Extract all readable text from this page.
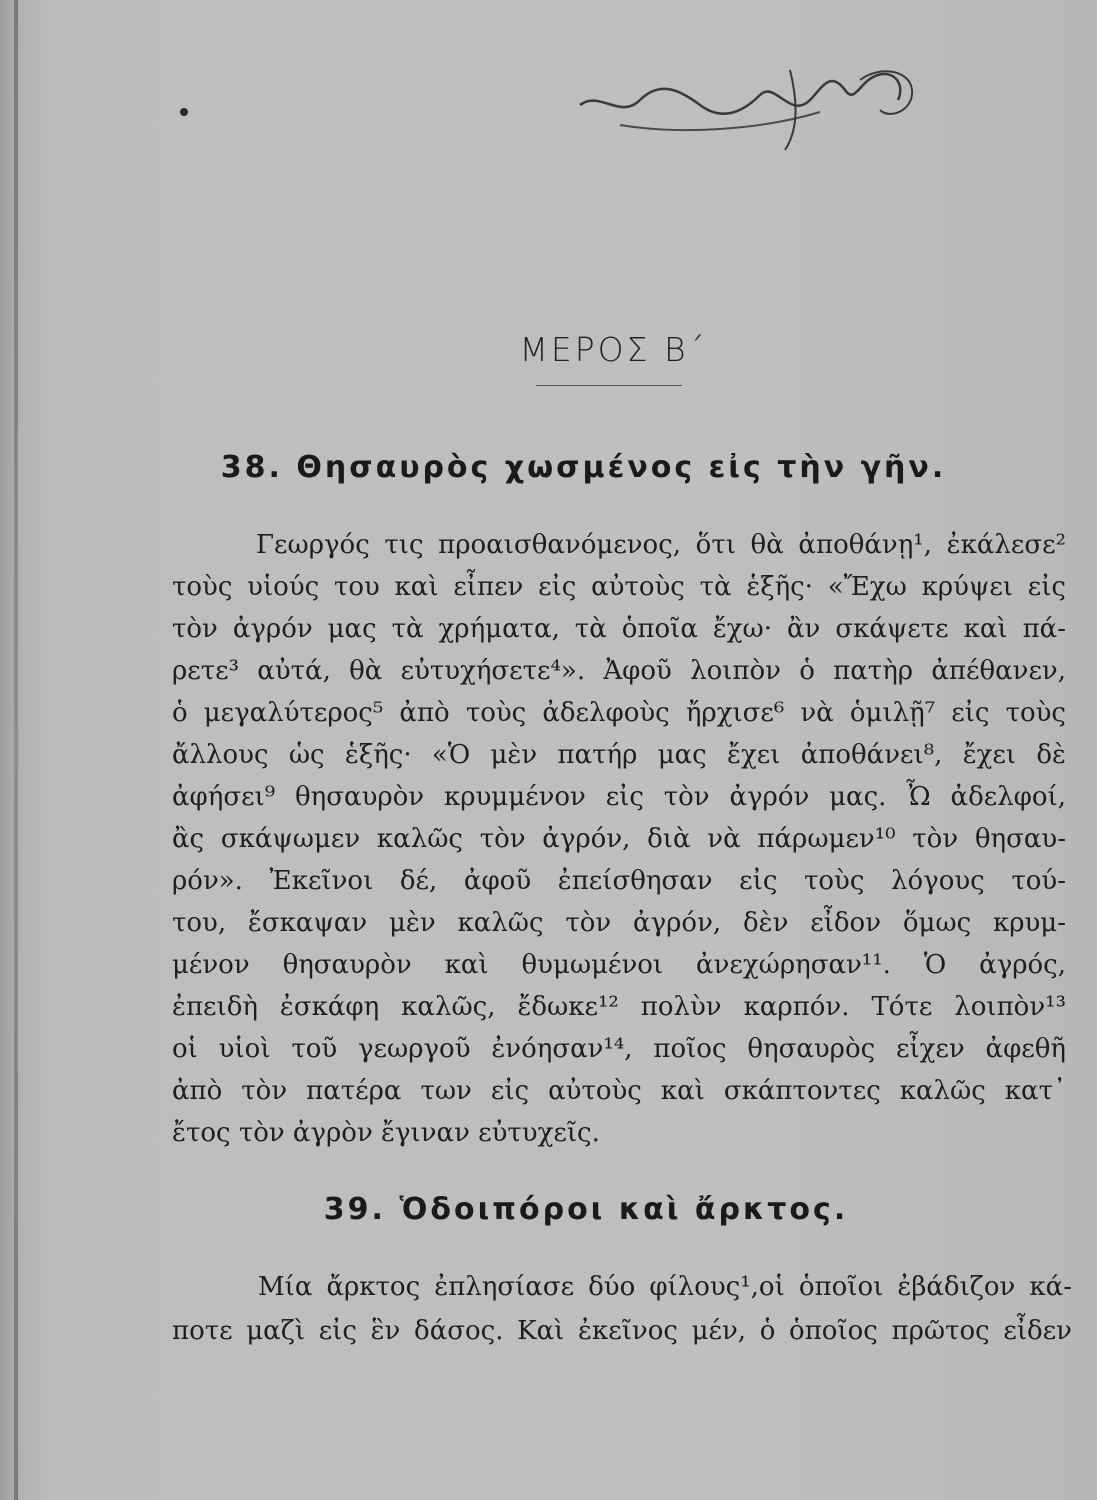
ΜΕΡΟΣ Β΄
38. Θησαυρὸς χωσμένος εἰς τὴν γῆν.
Γεωργός τις προαισθανόμενος, ὅτι θὰ ἀποθάνῃ¹, ἐκάλεσε²
τοὺς υἱούς του καὶ εἶπεν εἰς αὐτοὺς τὰ ἑξῆς· «Ἔχω κρύψει εἰς
τὸν ἀγρόν μας τὰ χρήματα, τὰ ὁποῖα ἔχω· ἂν σκάψετε καὶ πά-
ρετε³ αὐτά, θὰ εὐτυχήσετε⁴». Ἀφοῦ λοιπὸν ὁ πατὴρ ἀπέθανεν,
ὁ μεγαλύτερος⁵ ἀπὸ τοὺς ἀδελφοὺς ἤρχισε⁶ νὰ ὁμιλῇ⁷ εἰς τοὺς
ἄλλους ὡς ἑξῆς· «Ὁ μὲν πατήρ μας ἔχει ἀποθάνει⁸, ἔχει δὲ
ἀφήσει⁹ θησαυρὸν κρυμμένον εἰς τὸν ἀγρόν μας. Ὦ ἀδελφοί,
ἂς σκάψωμεν καλῶς τὸν ἀγρόν, διὰ νὰ πάρωμεν¹⁰ τὸν θησαυ-
ρόν». Ἐκεῖνοι δέ, ἀφοῦ ἐπείσθησαν εἰς τοὺς λόγους τού-
του, ἔσκαψαν μὲν καλῶς τὸν ἀγρόν, δὲν εἶδον ὅμως κρυμ-
μένον θησαυρὸν καὶ θυμωμένοι ἀνεχώρησαν¹¹. Ὁ ἀγρός,
ἐπειδὴ ἐσκάφη καλῶς, ἔδωκε¹² πολὺν καρπόν. Τότε λοιπὸν¹³
οἱ υἱοὶ τοῦ γεωργοῦ ἐνόησαν¹⁴, ποῖος θησαυρὸς εἶχεν ἀφεθῆ
ἀπὸ τὸν πατέρα των εἰς αὐτοὺς καὶ σκάπτοντες καλῶς κατ᾽
ἔτος τὸν ἀγρὸν ἔγιναν εὐτυχεῖς.
39. Ὁδοιπόροι καὶ ἄρκτος.
Μία ἄρκτος ἐπλησίασε δύο φίλους¹,οἱ ὁποῖοι ἐβάδιζον κά-
ποτε μαζὶ εἰς ἓν δάσος. Καὶ ἐκεῖνος μέν, ὁ ὁποῖος πρῶτος εἶδεν
